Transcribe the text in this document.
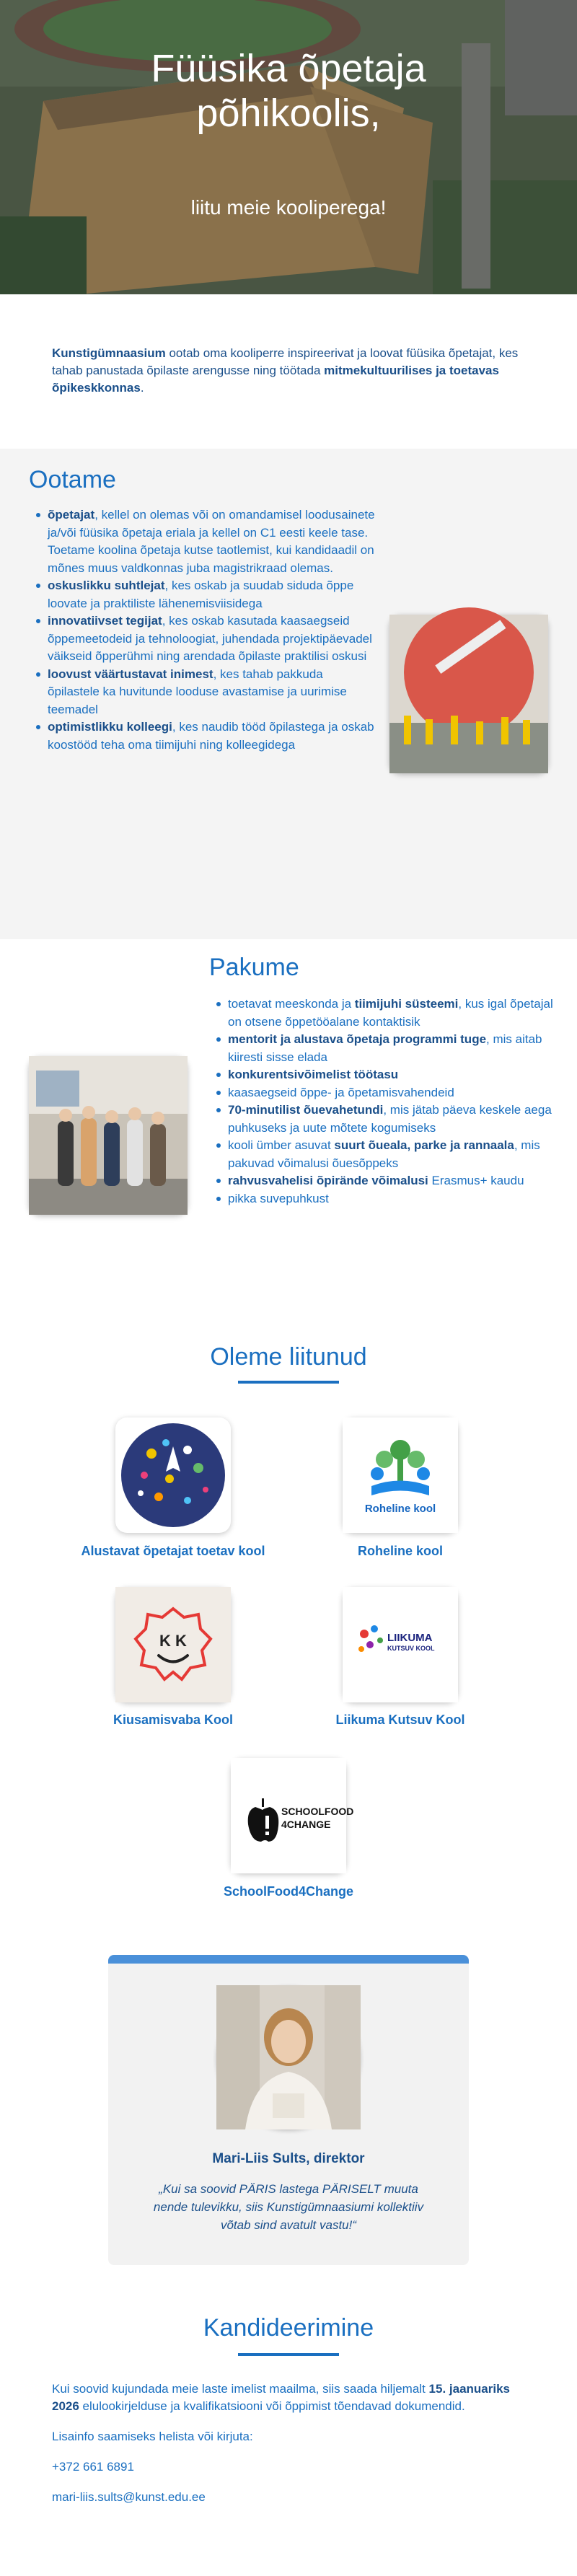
Füüsika õpetaja
põhikoolis,
liitu meie kooliperega!

Kunstigümnaasium ootab oma kooliperre inspireerivat ja loovat füüsika õpetajat, kes tahab panustada õpilaste arengusse ning töötada mitmekultuurilises ja toetavas õpikeskkonnas.

Ootame
õpetajat, kellel on olemas või on omandamisel loodusainete ja/või füüsika õpetaja eriala ja kellel on C1 eesti keele tase. Toetame koolina õpetaja kutse taotlemist, kui kandidaadil on mõnes muus valdkonnas juba magistrikraad olemas.
oskuslikku suhtlejat, kes oskab ja suudab siduda õppe loovate ja praktiliste lähenemisviisidega
innovatiivset tegijat, kes oskab kasutada kaasaegseid õppemeetodeid ja tehnoloogiat, juhendada projektipäevadel väikseid õpperühmi ning arendada õpilaste praktilisi oskusi
loovust väärtustavat inimest, kes tahab pakkuda õpilastele ka huvitunde looduse avastamise ja uurimise teemadel
optimistlikku kolleegi, kes naudib tööd õpilastega ja oskab koostööd teha oma tiimijuhi ning kolleegidega
Pakume
toetavat meeskonda ja tiimijuhi süsteemi, kus igal õpetajal on otsene õppetööalane kontaktisik
mentorit ja alustava õpetaja programmi tuge, mis aitab kiiresti sisse elada
konkurentsivõimelist töötasu
kaasaegseid õppe- ja õpetamisvahendeid
70-minutilist õuevahetundi, mis jätab päeva keskele aega puhkuseks ja uute mõtete kogumiseks
kooli ümber asuvat suurt õueala, parke ja rannaala, mis pakuvad võimalusi õuesõppeks
rahvusvahelisi õpirände võimalusi Erasmus+ kaudu
pikka suvepuhkust
Oleme liitunud
Alustavat õpetajat toetav kool
Roheline kool
Roheline kool
K K
Kiusamisvaba Kool
LIIKUMA
KUTSUV KOOL
Liikuma Kutsuv Kool
SCHOOLFOOD
4CHANGE
SchoolFood4Change
Mari-Liis Sults, direktor
„Kui sa soovid PÄRIS lastega PÄRISELT muuta nende tulevikku, siis Kunstigümnaasiumi kollektiiv võtab sind avatult vastu!“
Kandideerimine

Kui soovid kujundada meie laste imelist maailma, siis saada hiljemalt 15. jaanuariks 2026 elulookirjelduse ja kvalifikatsiooni või õppimist tõendavad dokumendid.

Lisainfo saamiseks helista või kirjuta:

+372 661 6891

mari-liis.sults@kunst.edu.ee
